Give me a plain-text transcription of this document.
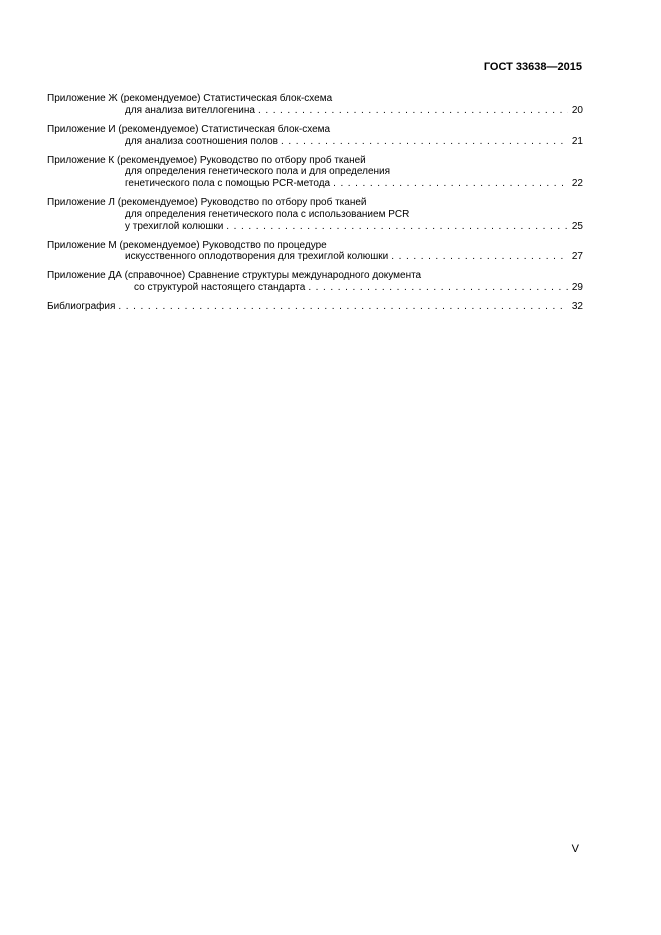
ГОСТ 33638—2015
Приложение Ж (рекомендуемое) Статистическая блок-схема
для анализа вителлогенина . . .	20
Приложение И (рекомендуемое) Статистическая блок-схема
для анализа соотношения полов . . .	21
Приложение К (рекомендуемое) Руководство по отбору проб тканей
для определения генетического пола и для определения
генетического пола с помощью PCR-метода . . .	22
Приложение Л (рекомендуемое) Руководство по отбору проб тканей
для определения генетического пола с использованием PCR
у трехиглой колюшки . . .	25
Приложение М (рекомендуемое) Руководство по процедуре
искусственного оплодотворения для трехиглой колюшки . . .	27
Приложение ДА (справочное) Сравнение структуры международного документа
со структурой настоящего стандарта . . .	29
Библиография . . .	32
V
